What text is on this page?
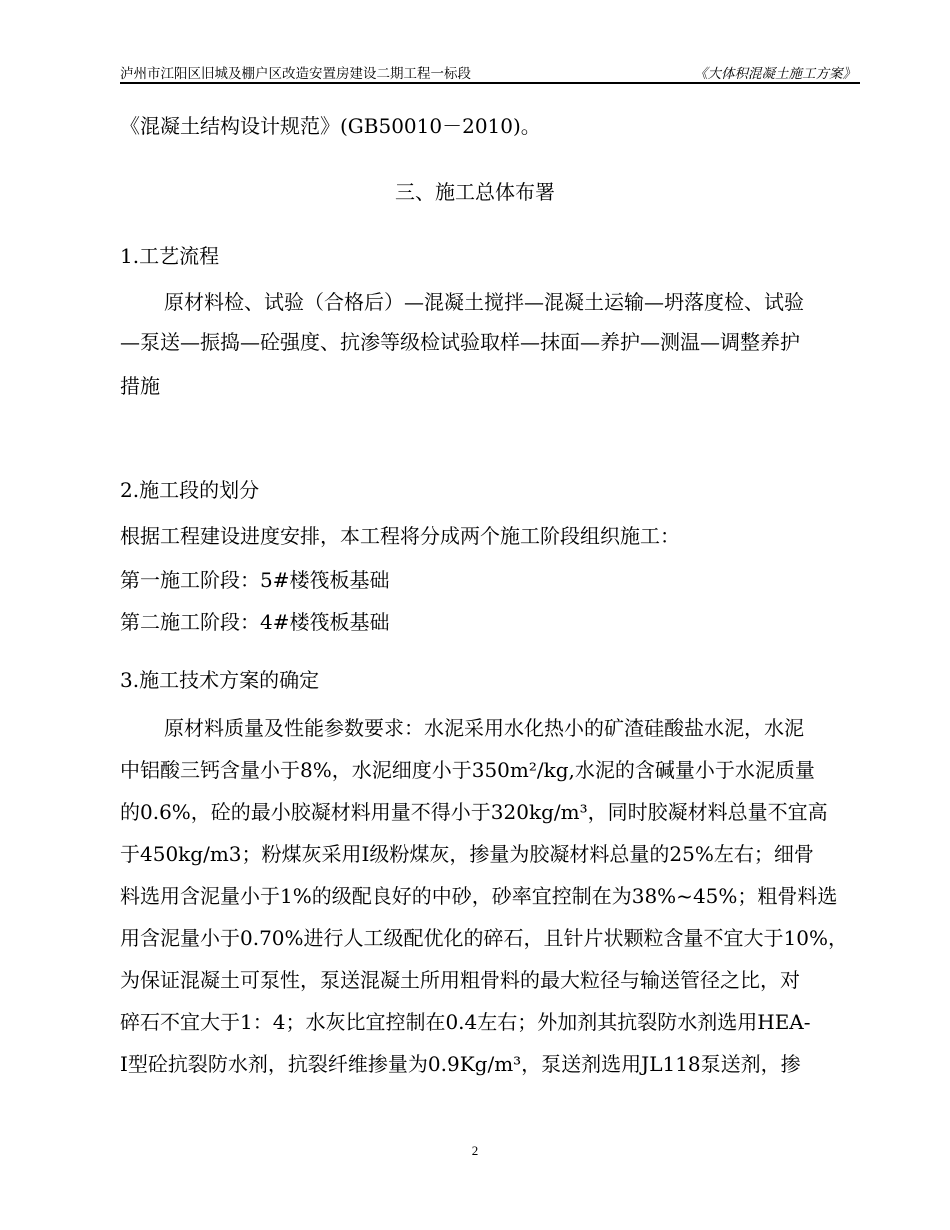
泸州市江阳区旧城及棚户区改造安置房建设二期工程一标段	《大体积混凝土施工方案》
《混凝土结构设计规范》(GB50010－2010)。
三、施工总体布署
1.工艺流程
原材料检、试验（合格后）—混凝土搅拌—混凝土运输—坍落度检、试验
—泵送—振捣—砼强度、抗渗等级检试验取样—抹面—养护—测温—调整养护
措施
2.施工段的划分
根据工程建设进度安排，本工程将分成两个施工阶段组织施工：
第一施工阶段：5#楼筏板基础
第二施工阶段：4#楼筏板基础
3.施工技术方案的确定
原材料质量及性能参数要求：水泥采用水化热小的矿渣硅酸盐水泥，水泥
中铝酸三钙含量小于8%，水泥细度小于350m²/kg,水泥的含碱量小于水泥质量
的0.6%，砼的最小胶凝材料用量不得小于320kg/m³，同时胶凝材料总量不宜高
于450kg/m3；粉煤灰采用Ⅰ级粉煤灰，掺量为胶凝材料总量的25%左右；细骨
料选用含泥量小于1%的级配良好的中砂，砂率宜控制在为38%~45%；粗骨料选
用含泥量小于0.70%进行人工级配优化的碎石，且针片状颗粒含量不宜大于10%，
为保证混凝土可泵性，泵送混凝土所用粗骨料的最大粒径与输送管径之比，对
碎石不宜大于1：4；水灰比宜控制在0.4左右；外加剂其抗裂防水剂选用HEA-
Ⅰ型砼抗裂防水剂，抗裂纤维掺量为0.9Kg/m³，泵送剂选用JL118泵送剂，掺
2
